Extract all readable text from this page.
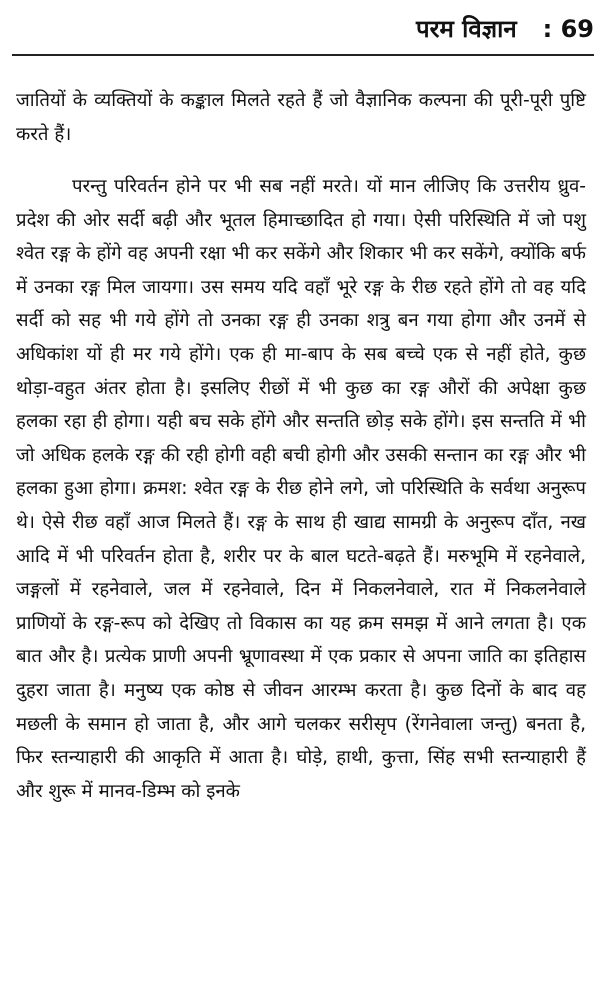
परम विज्ञान : 69

जातियों के व्यक्तियों के कङ्काल मिलते रहते हैं जो वैज्ञानिक कल्पना की पूरी-पूरी पुष्टि करते हैं।

परन्तु परिवर्तन होने पर भी सब नहीं मरते। यों मान लीजिए कि उत्तरीय ध्रुव-प्रदेश की ओर सर्दी बढ़ी और भूतल हिमाच्छादित हो गया। ऐसी परिस्थिति में जो पशु श्वेत रङ्ग के होंगे वह अपनी रक्षा भी कर सकेंगे और शिकार भी कर सकेंगे, क्योंकि बर्फ में उनका रङ्ग मिल जायगा। उस समय यदि वहाँ भूरे रङ्ग के रीछ रहते होंगे तो वह यदि सर्दी को सह भी गये होंगे तो उनका रङ्ग ही उनका शत्रु बन गया होगा और उनमें से अधिकांश यों ही मर गये होंगे। एक ही मा-बाप के सब बच्चे एक से नहीं होते, कुछ थोड़ा-वहुत अंतर होता है। इसलिए रीछों में भी कुछ का रङ्ग औरों की अपेक्षा कुछ हलका रहा ही होगा। यही बच सके होंगे और सन्तति छोड़ सके होंगे। इस सन्तति में भी जो अधिक हलके रङ्ग की रही होगी वही बची होगी और उसकी सन्तान का रङ्ग और भी हलका हुआ होगा। क्रमश: श्वेत रङ्ग के रीछ होने लगे, जो परिस्थिति के सर्वथा अनुरूप थे। ऐसे रीछ वहाँ आज मिलते हैं। रङ्ग के साथ ही खाद्य सामग्री के अनुरूप दाँत, नख आदि में भी परिवर्तन होता है, शरीर पर के बाल घटते-बढ़ते हैं। मरुभूमि में रहनेवाले, जङ्गलों में रहनेवाले, जल में रहनेवाले, दिन में निकलनेवाले, रात में निकलनेवाले प्राणियों के रङ्ग-रूप को देखिए तो विकास का यह क्रम समझ में आने लगता है। एक बात और है। प्रत्येक प्राणी अपनी भ्रूणावस्था में एक प्रकार से अपना जाति का इतिहास दुहरा जाता है। मनुष्य एक कोष्ठ से जीवन आरम्भ करता है। कुछ दिनों के बाद वह मछली के समान हो जाता है, और आगे चलकर सरीसृप (रेंगनेवाला जन्तु) बनता है, फिर स्तन्याहारी की आकृति में आता है। घोड़े, हाथी, कुत्ता, सिंह सभी स्तन्याहारी हैं और शुरू में मानव-डिम्भ को इनके
